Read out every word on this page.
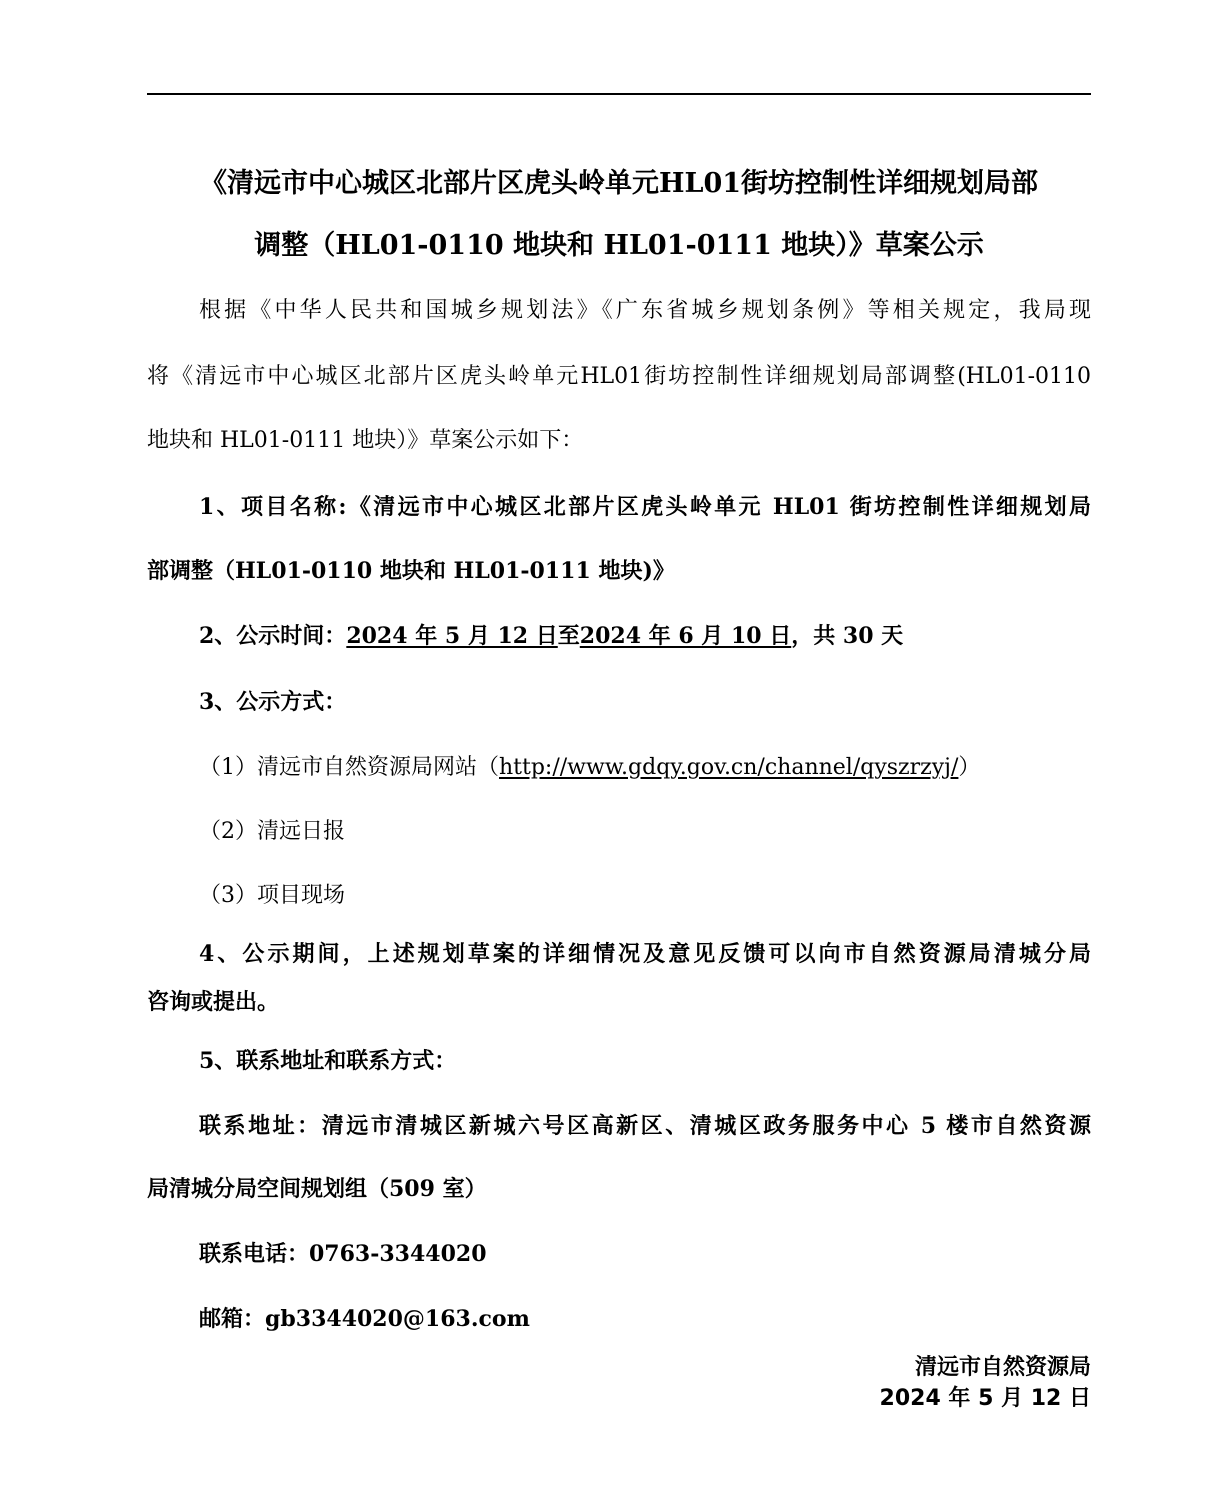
《清远市中心城区北部片区虎头岭单元HL01街坊控制性详细规划局部
调整（HL01-0110 地块和 HL01-0111 地块）》草案公示
根据《中华人民共和国城乡规划法》《广东省城乡规划条例》等相关规定，我局现
将《清远市中心城区北部片区虎头岭单元HL01街坊控制性详细规划局部调整(HL01-0110
地块和 HL01-0111 地块）》草案公示如下：
1、项目名称:《清远市中心城区北部片区虎头岭单元 HL01 街坊控制性详细规划局
部调整（HL01-0110 地块和 HL01-0111 地块)》
2、公示时间：2024 年 5 月 12 日至2024 年 6 月 10 日，共 30 天
3、公示方式：
（1）清远市自然资源局网站（http://www.gdqy.gov.cn/channel/qyszrzyj/）
（2）清远日报
（3）项目现场
4、公示期间，上述规划草案的详细情况及意见反馈可以向市自然资源局清城分局
咨询或提出。
5、联系地址和联系方式：
联系地址：清远市清城区新城六号区高新区、清城区政务服务中心 5 楼市自然资源
局清城分局空间规划组（509 室）
联系电话：0763-3344020
邮箱：gb3344020@163.com
清远市自然资源局
2024 年 5 月 12 日
